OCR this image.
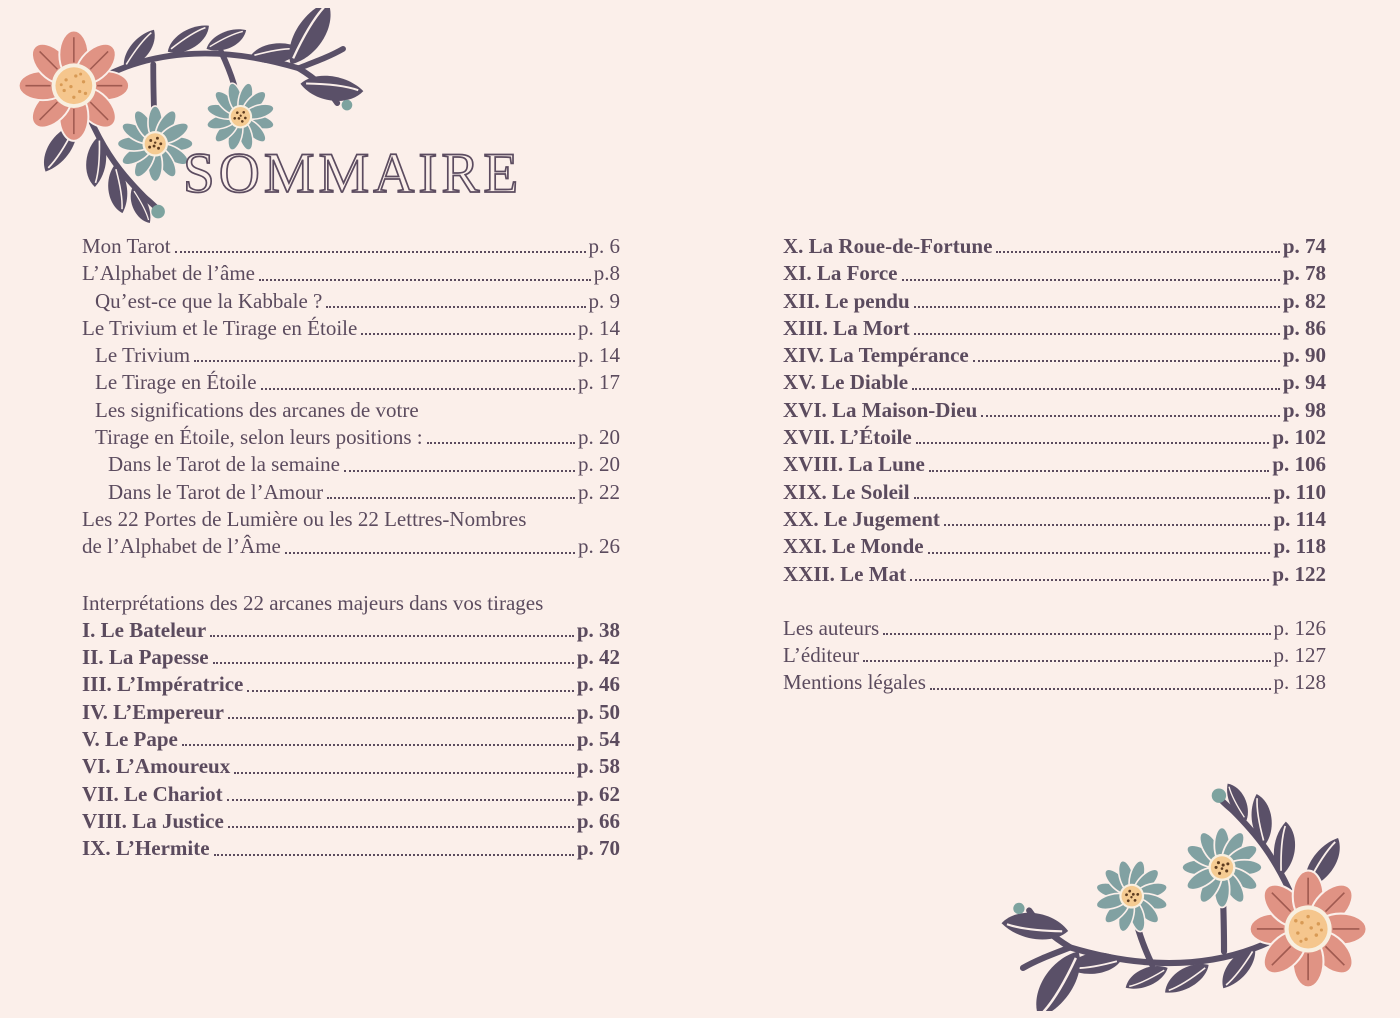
SOMMAIRE
Mon Tarot	p. 6
L’Alphabet de l’âme	p.8
Qu’est-ce que la Kabbale ?	p. 9
Le Trivium et le Tirage en Étoile	p. 14
Le Trivium	p. 14
Le Tirage en Étoile	p. 17
Les significations des arcanes de votre
Tirage en Étoile, selon leurs positions :	p. 20
Dans le Tarot de la semaine	p. 20
Dans le Tarot de l’Amour	p. 22
Les 22 Portes de Lumière ou les 22 Lettres-Nombres
de l’Alphabet de l’Âme	p. 26
Interprétations des 22 arcanes majeurs dans vos tirages
I. Le Bateleur	p. 38
II. La Papesse	p. 42
III. L’Impératrice	p. 46
IV. L’Empereur	p. 50
V. Le Pape	p. 54
VI. L’Amoureux	p. 58
VII. Le Chariot	p. 62
VIII. La Justice	p. 66
IX. L’Hermite	p. 70
X. La Roue-de-Fortune	p. 74
XI. La Force	p. 78
XII. Le pendu	p. 82
XIII. La Mort	p. 86
XIV. La Tempérance	p. 90
XV. Le Diable	p. 94
XVI. La Maison-Dieu	p. 98
XVII. L’Étoile	p. 102
XVIII. La Lune	p. 106
XIX. Le Soleil	p. 110
XX. Le Jugement	p. 114
XXI. Le Monde	p. 118
XXII. Le Mat	p. 122
Les auteurs	p. 126
L’éditeur	p. 127
Mentions légales	p. 128
